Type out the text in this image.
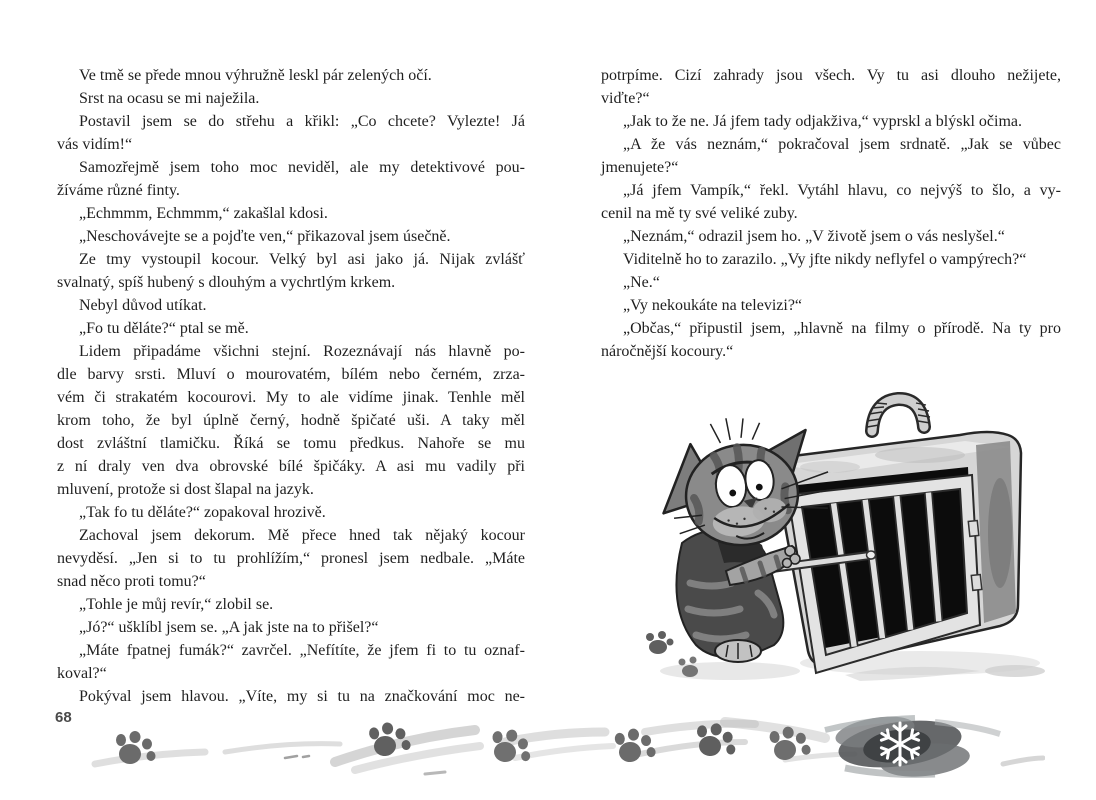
Ve tmě se přede mnou výhružně leskl pár zelených očí.
Srst na ocasu se mi naježila.
Postavil jsem se do střehu a křikl: „Co chcete? Vylezte! Já
vás vidím!“
Samozřejmě jsem toho moc neviděl, ale my detektivové pou-
žíváme různé finty.
„Echmmm, Echmmm,“ zakašlal kdosi.
„Neschovávejte se a pojďte ven,“ přikazoval jsem úsečně.
Ze tmy vystoupil kocour. Velký byl asi jako já. Nijak zvlášť
svalnatý, spíš hubený s dlouhým a vychrtlým krkem.
Nebyl důvod utíkat.
„Fo tu děláte?“ ptal se mě.
Lidem připadáme všichni stejní. Rozeznávají nás hlavně po-
dle barvy srsti. Mluví o mourovatém, bílém nebo černém, zrza-
vém či strakatém kocourovi. My to ale vidíme jinak. Tenhle měl
krom toho, že byl úplně černý, hodně špičaté uši. A taky měl
dost zvláštní tlamičku. Říká se tomu předkus. Nahoře se mu
z ní draly ven dva obrovské bílé špičáky. A asi mu vadily při
mluvení, protože si dost šlapal na jazyk.
„Tak fo tu děláte?“ zopakoval hrozivě.
Zachoval jsem dekorum. Mě přece hned tak nějaký kocour
nevyděsí. „Jen si to tu prohlížím,“ pronesl jsem nedbale. „Máte
snad něco proti tomu?“
„Tohle je můj revír,“ zlobil se.
„Jó?“ ušklíbl jsem se. „A jak jste na to přišel?“
„Máte fpatnej fumák?“ zavrčel. „Nefítíte, že jfem fi to tu oznaf-
koval?“
Pokýval jsem hlavou. „Víte, my si tu na značkování moc ne-
potrpíme. Cizí zahrady jsou všech. Vy tu asi dlouho nežijete,
viďte?“
„Jak to že ne. Já jfem tady odjakživa,“ vyprskl a blýskl očima.
„A že vás neznám,“ pokračoval jsem srdnatě. „Jak se vůbec
jmenujete?“
„Já jfem Vampík,“ řekl. Vytáhl hlavu, co nejvýš to šlo, a vy-
cenil na mě ty své veliké zuby.
„Neznám,“ odrazil jsem ho. „V životě jsem o vás neslyšel.“
Viditelně ho to zarazilo. „Vy jfte nikdy neflyfel o vampýrech?“
„Ne.“
„Vy nekoukáte na televizi?“
„Občas,“ připustil jsem, „hlavně na filmy o přírodě. Na ty pro
náročnější kocoury.“
68
